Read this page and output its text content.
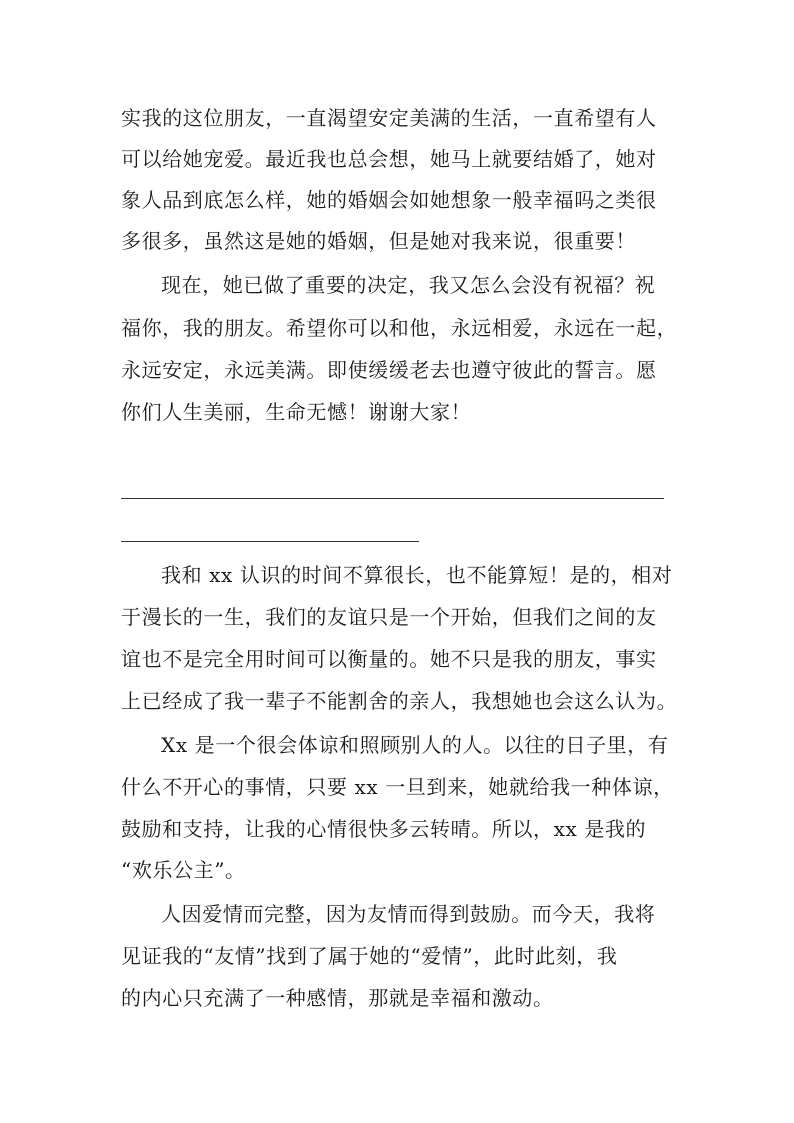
实我的这位朋友，一直渴望安定美满的生活，一直希望有人
可以给她宠爱。最近我也总会想，她马上就要结婚了，她对
象人品到底怎么样，她的婚姻会如她想象一般幸福吗之类很
多很多，虽然这是她的婚姻，但是她对我来说，很重要！
现在，她已做了重要的决定，我又怎么会没有祝福？祝
福你，我的朋友。希望你可以和他，永远相爱，永远在一起，
永远安定，永远美满。即使缓缓老去也遵守彼此的誓言。愿
你们人生美丽，生命无憾！谢谢大家！
我和 xx 认识的时间不算很长，也不能算短！是的，相对
于漫长的一生，我们的友谊只是一个开始，但我们之间的友
谊也不是完全用时间可以衡量的。她不只是我的朋友，事实
上已经成了我一辈子不能割舍的亲人，我想她也会这么认为。
Xx 是一个很会体谅和照顾别人的人。以往的日子里，有
什么不开心的事情，只要 xx 一旦到来，她就给我一种体谅，
鼓励和支持，让我的心情很快多云转晴。所以，xx 是我的
“欢乐公主”。
人因爱情而完整，因为友情而得到鼓励。而今天，我将
见证我的“友情”找到了属于她的“爱情”，此时此刻，我
的内心只充满了一种感情，那就是幸福和激动。
